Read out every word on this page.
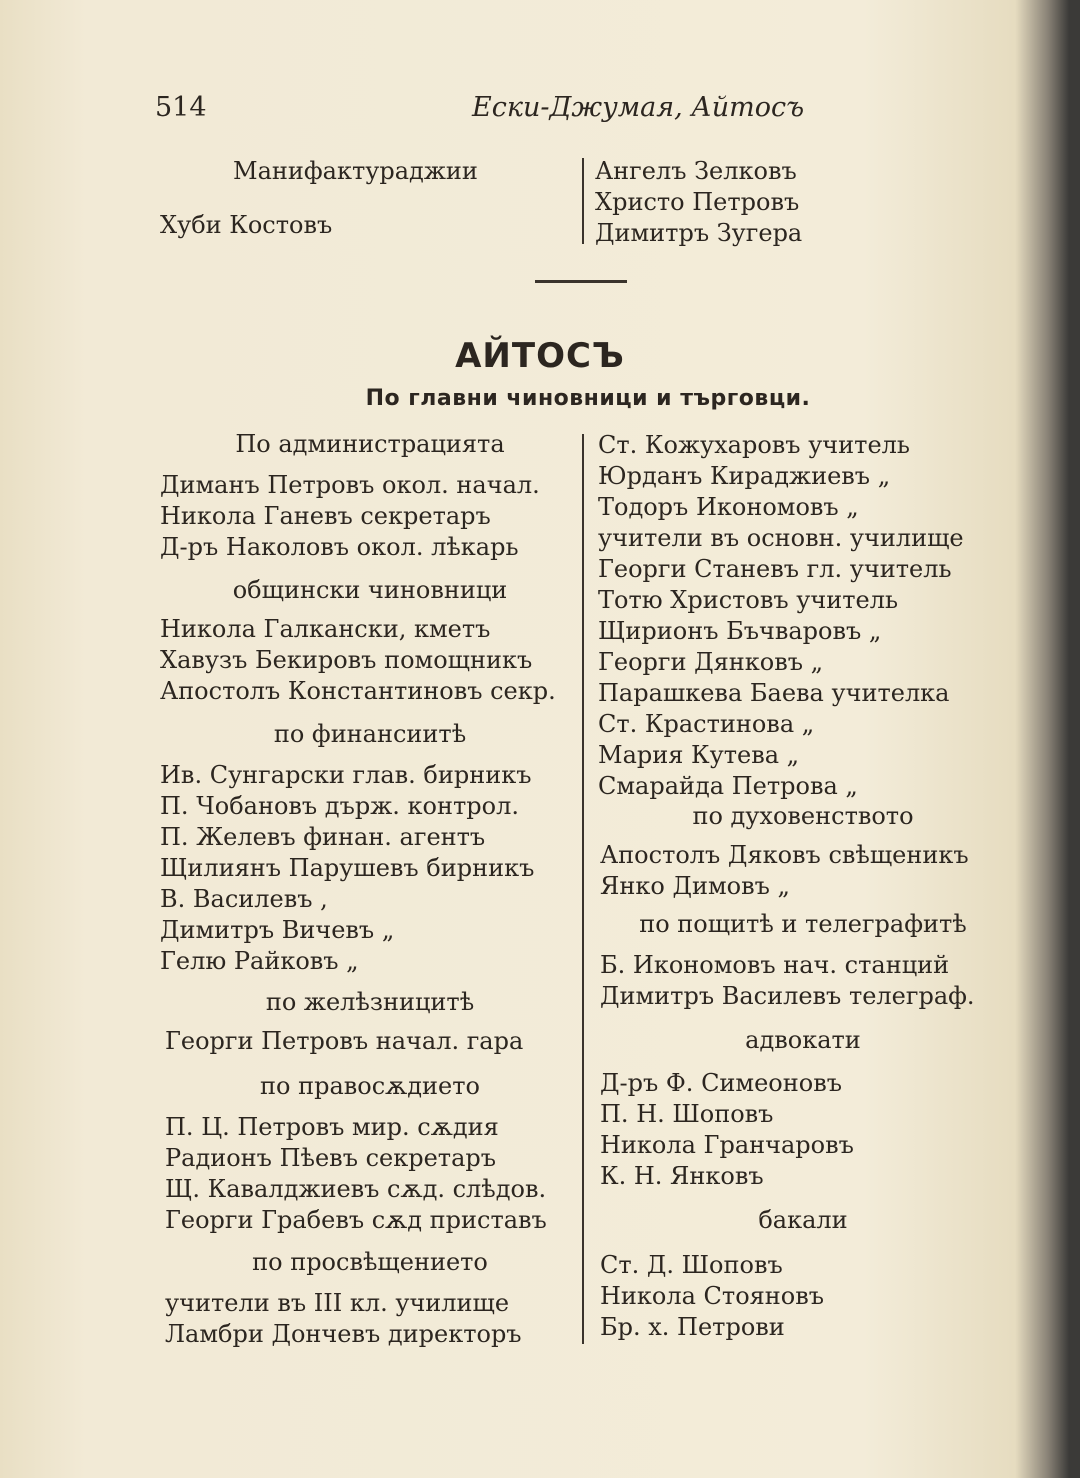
514	Ески-Джумая, Айтосъ
Манифактураджии
Хуби Костовъ
Ангелъ Зелковъ
Христо Петровъ
Димитръ Зугера
АЙТОСЪ
По главни чиновници и търговци.
По администрацията
Диманъ Петровъ окол. начал.
Никола Ганевъ секретаръ
Д-ръ Наколовъ окол. лѣкарь
общински чиновници
Никола Галкански, кметъ
Хавузъ Бекировъ помощникъ
Апостолъ Константиновъ секр.
по финансиитѣ
Ив. Сунгарски глав. бирникъ
П. Чобановъ държ. контрол.
П. Желевъ финан. агентъ
Щилиянъ Парушевъ бирникъ
В. Василевъ ,
Димитръ Вичевъ „
Гелю Райковъ „
по желѣзницитѣ
Георги Петровъ начал. гара
по правосѫдието
П. Ц. Петровъ мир. сѫдия
Радионъ Пѣевъ секретаръ
Щ. Кавалджиевъ сѫд. слѣдов.
Георги Грабевъ сѫд приставъ
по просвѣщението
учители въ III кл. училище
Ламбри Дончевъ директоръ
Ст. Кожухаровъ учитель
Юрданъ Кираджиевъ „
Тодоръ Икономовъ „
учители въ основн. училище
Георги Станевъ гл. учитель
Тотю Христовъ учитель
Щирионъ Бъчваровъ „
Георги Дянковъ „
Парашкева Баева учителка
Ст. Крастинова „
Мария Кутева „
Смарайда Петрова „
по духовенството
Апостолъ Дяковъ свѣщеникъ
Янко Димовъ „
по пощитѣ и телеграфитѣ
Б. Икономовъ нач. станций
Димитръ Василевъ телеграф.
адвокати
Д-ръ Ф. Симеоновъ
П. Н. Шоповъ
Никола Грaнчаровъ
К. Н. Янковъ
бакали
Ст. Д. Шоповъ
Никола Стояновъ
Бр. х. Петрови
